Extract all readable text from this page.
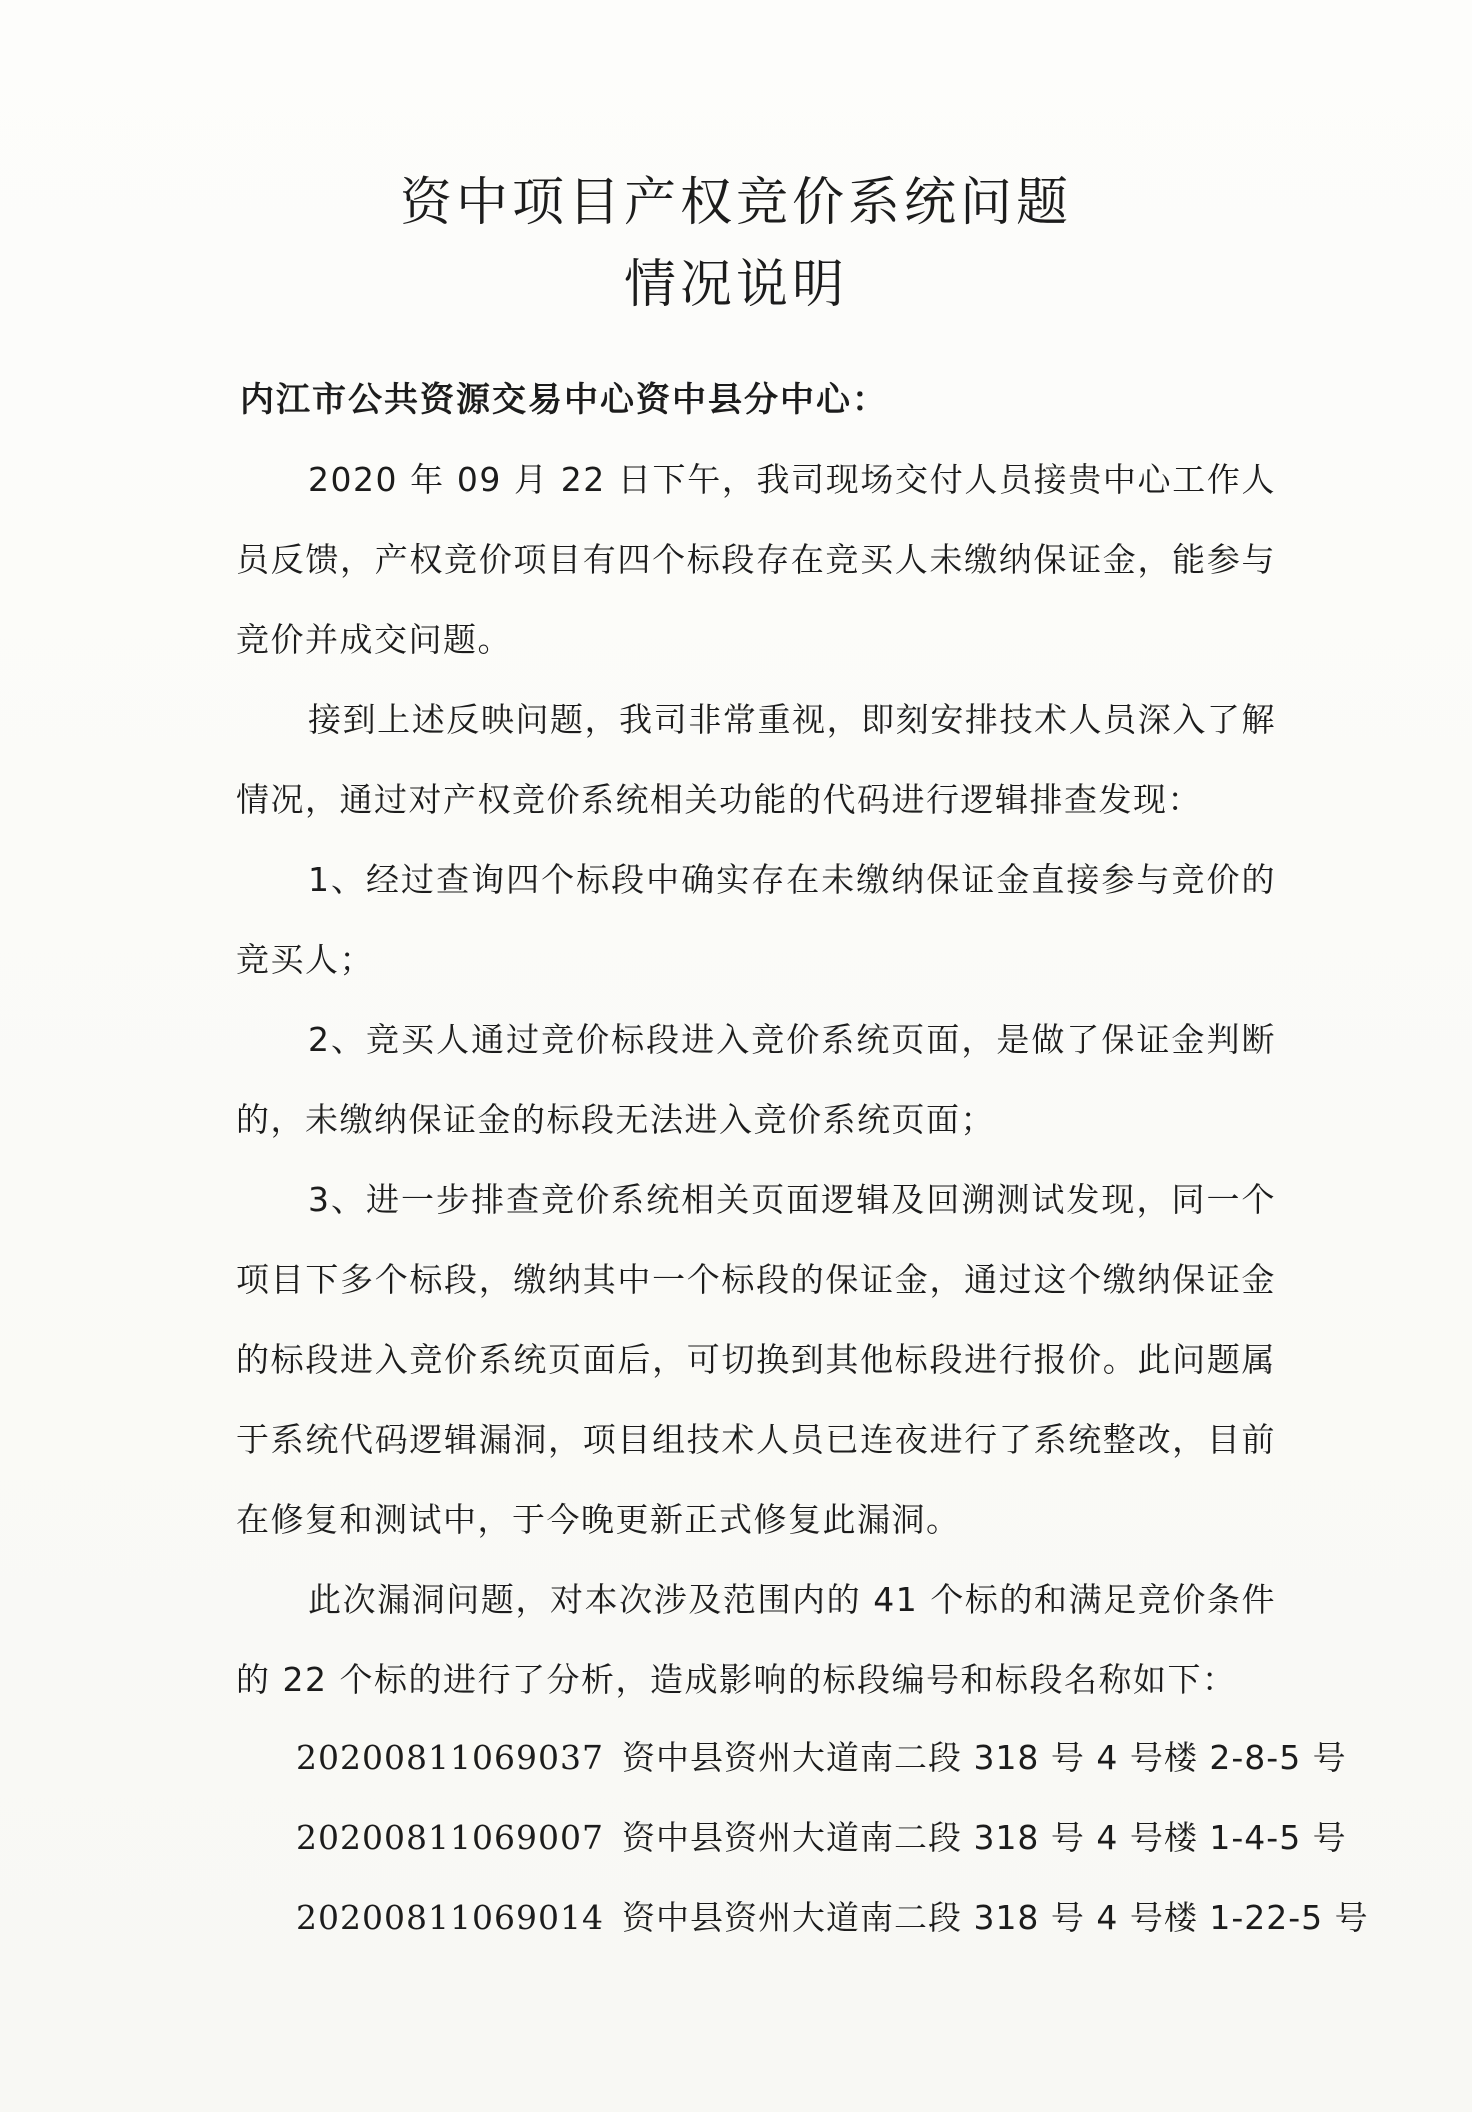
资中项目产权竞价系统问题
情况说明
内江市公共资源交易中心资中县分中心：
2020 年 09 月 22 日下午，我司现场交付人员接贵中心工作人员反馈，产权竞价项目有四个标段存在竞买人未缴纳保证金，能参与竞价并成交问题。
接到上述反映问题，我司非常重视，即刻安排技术人员深入了解情况，通过对产权竞价系统相关功能的代码进行逻辑排查发现：
1、经过查询四个标段中确实存在未缴纳保证金直接参与竞价的竞买人；
2、竞买人通过竞价标段进入竞价系统页面，是做了保证金判断的，未缴纳保证金的标段无法进入竞价系统页面；
3、进一步排查竞价系统相关页面逻辑及回溯测试发现，同一个项目下多个标段，缴纳其中一个标段的保证金，通过这个缴纳保证金的标段进入竞价系统页面后，可切换到其他标段进行报价。此问题属于系统代码逻辑漏洞，项目组技术人员已连夜进行了系统整改，目前在修复和测试中，于今晚更新正式修复此漏洞。
此次漏洞问题，对本次涉及范围内的 41 个标的和满足竞价条件的 22 个标的进行了分析，造成影响的标段编号和标段名称如下：
20200811069037 资中县资州大道南二段 318 号 4 号楼 2-8-5 号
20200811069007 资中县资州大道南二段 318 号 4 号楼 1-4-5 号
20200811069014 资中县资州大道南二段 318 号 4 号楼 1-22-5 号
